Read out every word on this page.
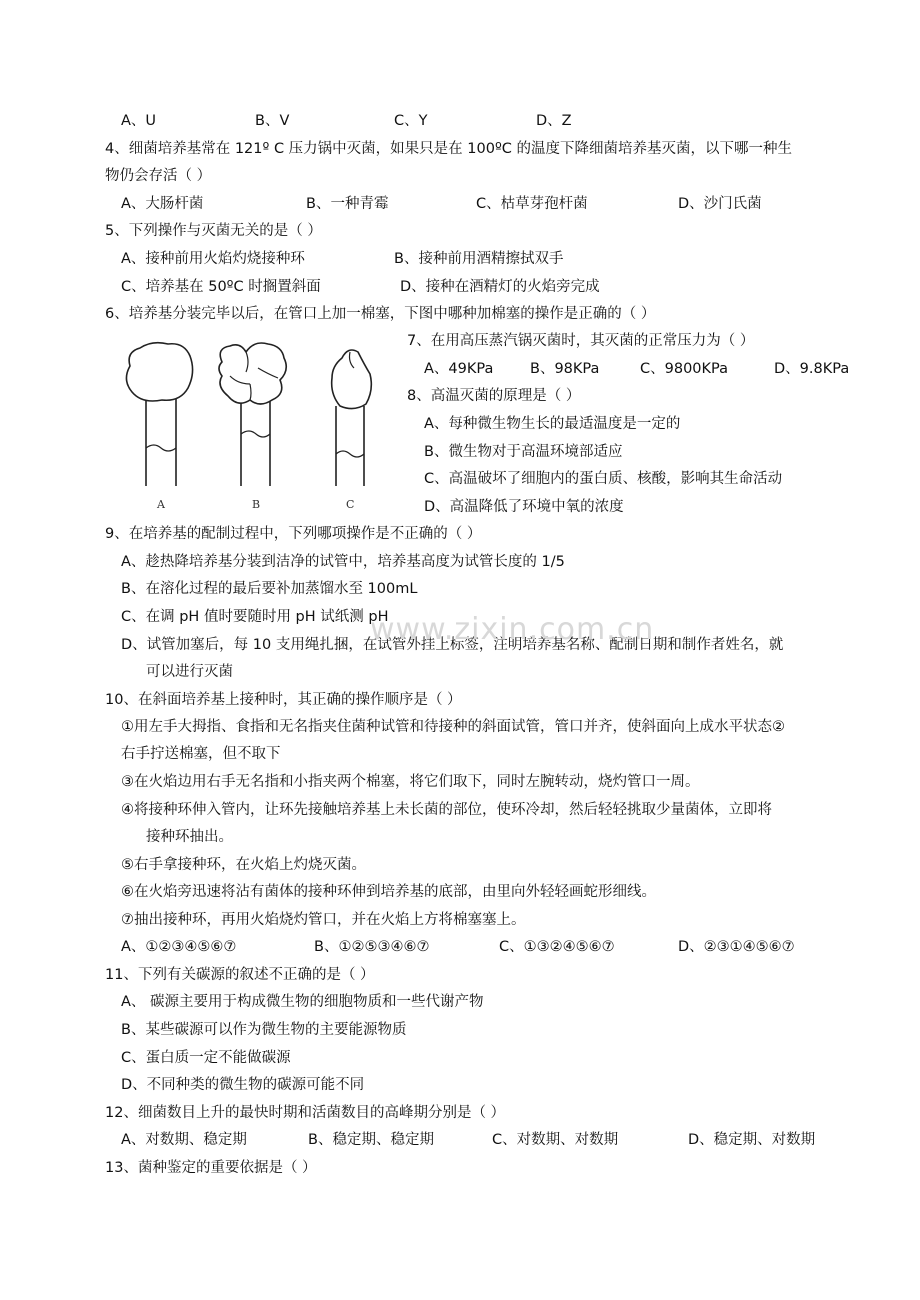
A、U	B、V	C、Y	D、Z
4、细菌培养基常在 121º C 压力锅中灭菌，如果只是在 100ºC 的温度下降细菌培养基灭菌，以下哪一种生
物仍会存活（ ）
A、大肠杆菌	B、一种青霉	C、枯草芽孢杆菌	D、沙门氏菌
5、下列操作与灭菌无关的是（ ）
A、接种前用火焰灼烧接种环	B、接种前用酒精擦拭双手
C、培养基在 50ºC 时搁置斜面	D、接种在酒精灯的火焰旁完成
6、培养基分装完毕以后，在管口上加一棉塞，下图中哪种加棉塞的操作是正确的（ ）
A	B	C
7、在用高压蒸汽锅灭菌时，其灭菌的正常压力为（ ）
A、49KPa	B、98KPa	C、9800KPa	D、9.8KPa
8、高温灭菌的原理是（ ）
A、每种微生物生长的最适温度是一定的
B、微生物对于高温环境部适应
C、高温破坏了细胞内的蛋白质、核酸，影响其生命活动
D、高温降低了环境中氧的浓度
9、在培养基的配制过程中，下列哪项操作是不正确的（ ）
A、趁热降培养基分装到洁净的试管中，培养基高度为试管长度的 1/5
B、在溶化过程的最后要补加蒸馏水至 100mL
C、在调 pH 值时要随时用 pH 试纸测 pH
D、试管加塞后，每 10 支用绳扎捆，在试管外挂上标签，注明培养基名称、配制日期和制作者姓名，就
可以进行灭菌
www.zixin.com.cn
10、在斜面培养基上接种时，其正确的操作顺序是（ ）
①用左手大拇指、食指和无名指夹住菌种试管和待接种的斜面试管，管口并齐，使斜面向上成水平状态②
右手拧送棉塞，但不取下
③在火焰边用右手无名指和小指夹两个棉塞，将它们取下，同时左腕转动，烧灼管口一周。
④将接种环伸入管内，让环先接触培养基上未长菌的部位，使环冷却，然后轻轻挑取少量菌体，立即将
接种环抽出。
⑤右手拿接种环，在火焰上灼烧灭菌。
⑥在火焰旁迅速将沾有菌体的接种环伸到培养基的底部，由里向外轻轻画蛇形细线。
⑦抽出接种环，再用火焰烧灼管口，并在火焰上方将棉塞塞上。
A、①②③④⑤⑥⑦	B、①②⑤③④⑥⑦	C、①③②④⑤⑥⑦	D、②③①④⑤⑥⑦
11、下列有关碳源的叙述不正确的是（ ）
A、 碳源主要用于构成微生物的细胞物质和一些代谢产物
B、某些碳源可以作为微生物的主要能源物质
C、蛋白质一定不能做碳源
D、不同种类的微生物的碳源可能不同
12、细菌数目上升的最快时期和活菌数目的高峰期分别是（ ）
A、对数期、稳定期	B、稳定期、稳定期	C、对数期、对数期	D、稳定期、对数期
13、菌种鉴定的重要依据是（ ）
